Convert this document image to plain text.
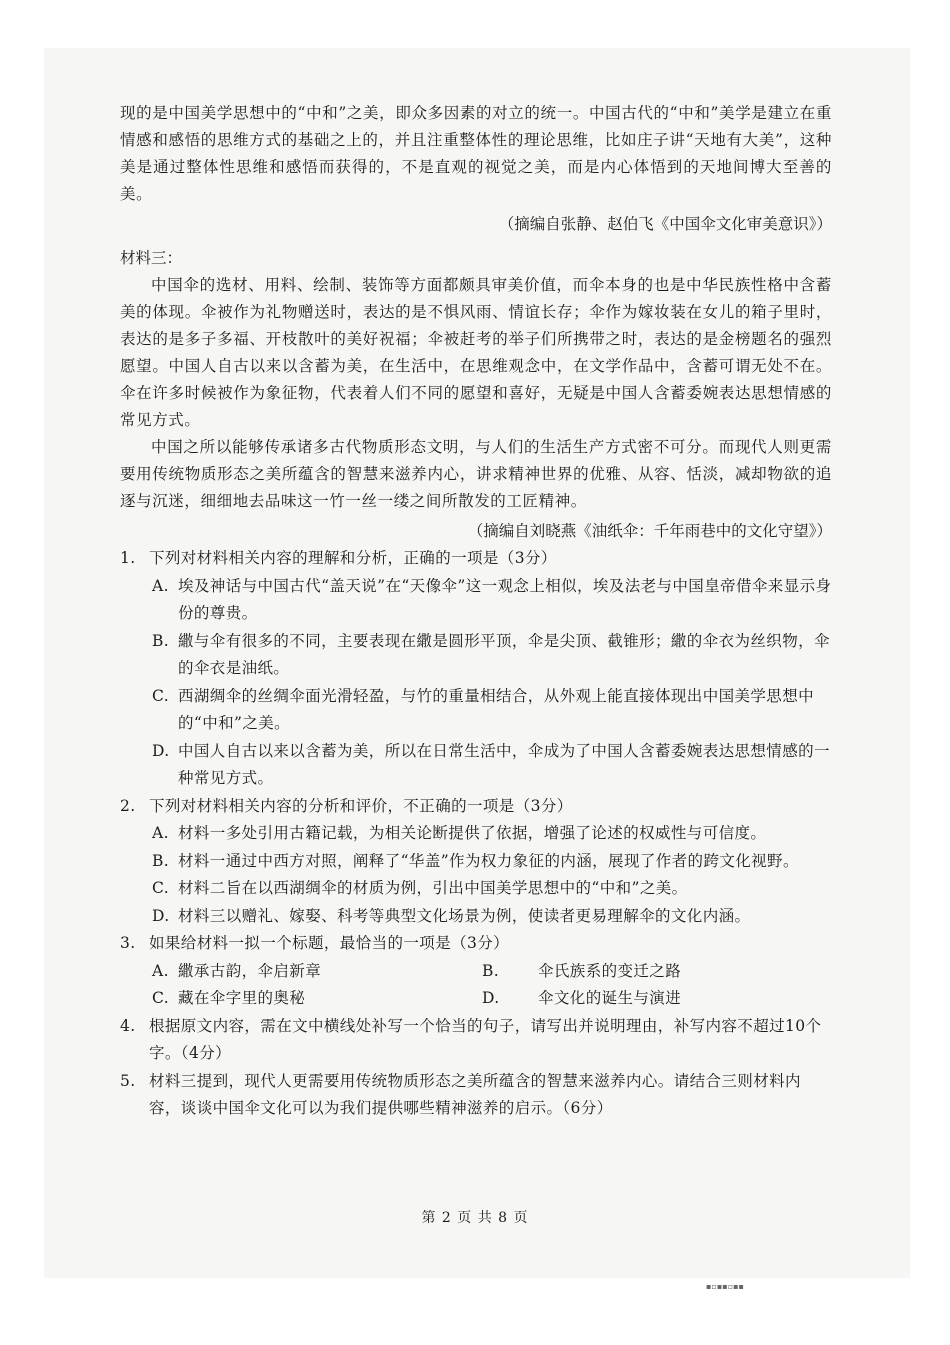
现的是中国美学思想中的“中和”之美，即众多因素的对立的统一。中国古代的“中和”美学是建立在重情感和感悟的思维方式的基础之上的，并且注重整体性的理论思维，比如庄子讲“天地有大美”，这种美是通过整体性思维和感悟而获得的，不是直观的视觉之美，而是内心体悟到的天地间博大至善的美。

（摘编自张静、赵伯飞《中国伞文化审美意识》）

材料三：

中国伞的选材、用料、绘制、装饰等方面都颇具审美价值，而伞本身的也是中华民族性格中含蓄美的体现。伞被作为礼物赠送时，表达的是不惧风雨、情谊长存；伞作为嫁妆装在女儿的箱子里时，表达的是多子多福、开枝散叶的美好祝福；伞被赶考的举子们所携带之时，表达的是金榜题名的强烈愿望。中国人自古以来以含蓄为美，在生活中，在思维观念中，在文学作品中，含蓄可谓无处不在。伞在许多时候被作为象征物，代表着人们不同的愿望和喜好，无疑是中国人含蓄委婉表达思想情感的常见方式。

中国之所以能够传承诸多古代物质形态文明，与人们的生活生产方式密不可分。而现代人则更需要用传统物质形态之美所蕴含的智慧来滋养内心，讲求精神世界的优雅、从容、恬淡，减却物欲的追逐与沉迷，细细地去品味这一竹一丝一缕之间所散发的工匠精神。

（摘编自刘晓燕《油纸伞：千年雨巷中的文化守望》）

1. 下列对材料相关内容的理解和分析，正确的一项是（3分）

A. 埃及神话与中国古代“盖天说”在“天像伞”这一观念上相似，埃及法老与中国皇帝借伞来显示身份的尊贵。

B. 繖与伞有很多的不同，主要表现在繖是圆形平顶，伞是尖顶、截锥形；繖的伞衣为丝织物，伞的伞衣是油纸。

C. 西湖绸伞的丝绸伞面光滑轻盈，与竹的重量相结合，从外观上能直接体现出中国美学思想中的“中和”之美。

D. 中国人自古以来以含蓄为美，所以在日常生活中，伞成为了中国人含蓄委婉表达思想情感的一种常见方式。

2. 下列对材料相关内容的分析和评价，不正确的一项是（3分）

A. 材料一多处引用古籍记载，为相关论断提供了依据，增强了论述的权威性与可信度。

B. 材料一通过中西方对照，阐释了“华盖”作为权力象征的内涵，展现了作者的跨文化视野。

C. 材料二旨在以西湖绸伞的材质为例，引出中国美学思想中的“中和”之美。

D. 材料三以赠礼、嫁娶、科考等典型文化场景为例，使读者更易理解伞的文化内涵。

3. 如果给材料一拟一个标题，最恰当的一项是（3分）

A. 繖承古韵，伞启新章	B.	伞氏族系的变迁之路

C. 藏在伞字里的奥秘	D. 伞文化的诞生与演进

4. 根据原文内容，需在文中横线处补写一个恰当的句子，请写出并说明理由，补写内容不超过10个字。（4分）

5. 材料三提到，现代人更需要用传统物质形态之美所蕴含的智慧来滋养内心。请结合三则材料内容，谈谈中国伞文化可以为我们提供哪些精神滋养的启示。（6分）

第 2 页 共 8 页
▪▫▪▪▫▪▪
